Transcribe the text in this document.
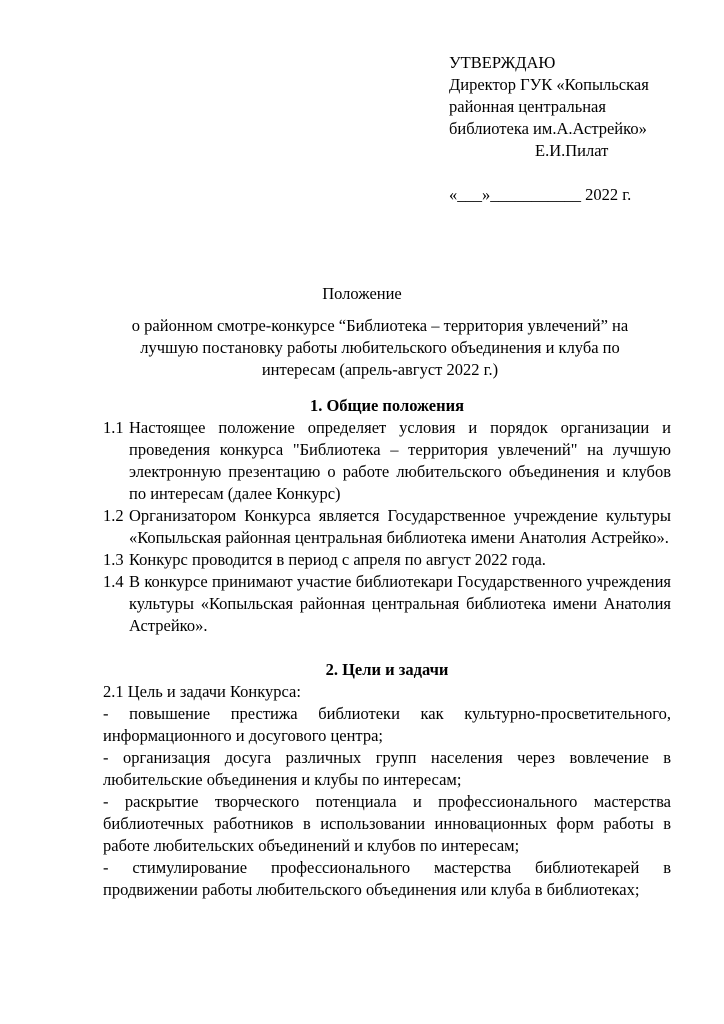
УТВЕРЖДАЮ
Директор ГУК «Копыльская
районная центральная
библиотека им.А.Астрейко»
Е.И.Пилат
«___»___________ 2022 г.
Положение
о районном смотре-конкурсе “Библиотека – территория увлечений” на
лучшую постановку работы любительского объединения и клуба по
интересам (апрель-август 2022 г.)
1. Общие положения
1.1 Настоящее положение определяет условия и порядок организации и проведения конкурса "Библиотека – территория увлечений" на лучшую электронную презентацию о работе любительского объединения и клубов по интересам (далее Конкурс)
1.2 Организатором Конкурса является Государственное учреждение культуры «Копыльская районная центральная библиотека имени Анатолия Астрейко».
1.3 Конкурс проводится в период с апреля по август 2022 года.
1.4 В конкурсе принимают участие библиотекари Государственного учреждения культуры «Копыльская районная центральная библиотека имени Анатолия Астрейко».
2. Цели и задачи
2.1 Цель и задачи Конкурса:
- повышение престижа библиотеки как культурно-просветительного, информационного и досугового центра;
- организация досуга различных групп населения через вовлечение в любительские объединения и клубы по интересам;
- раскрытие творческого потенциала и профессионального мастерства библиотечных работников в использовании инновационных форм работы в работе любительских объединений и клубов по интересам;
- стимулирование профессионального мастерства библиотекарей в продвижении работы любительского объединения или клуба в библиотеках;
